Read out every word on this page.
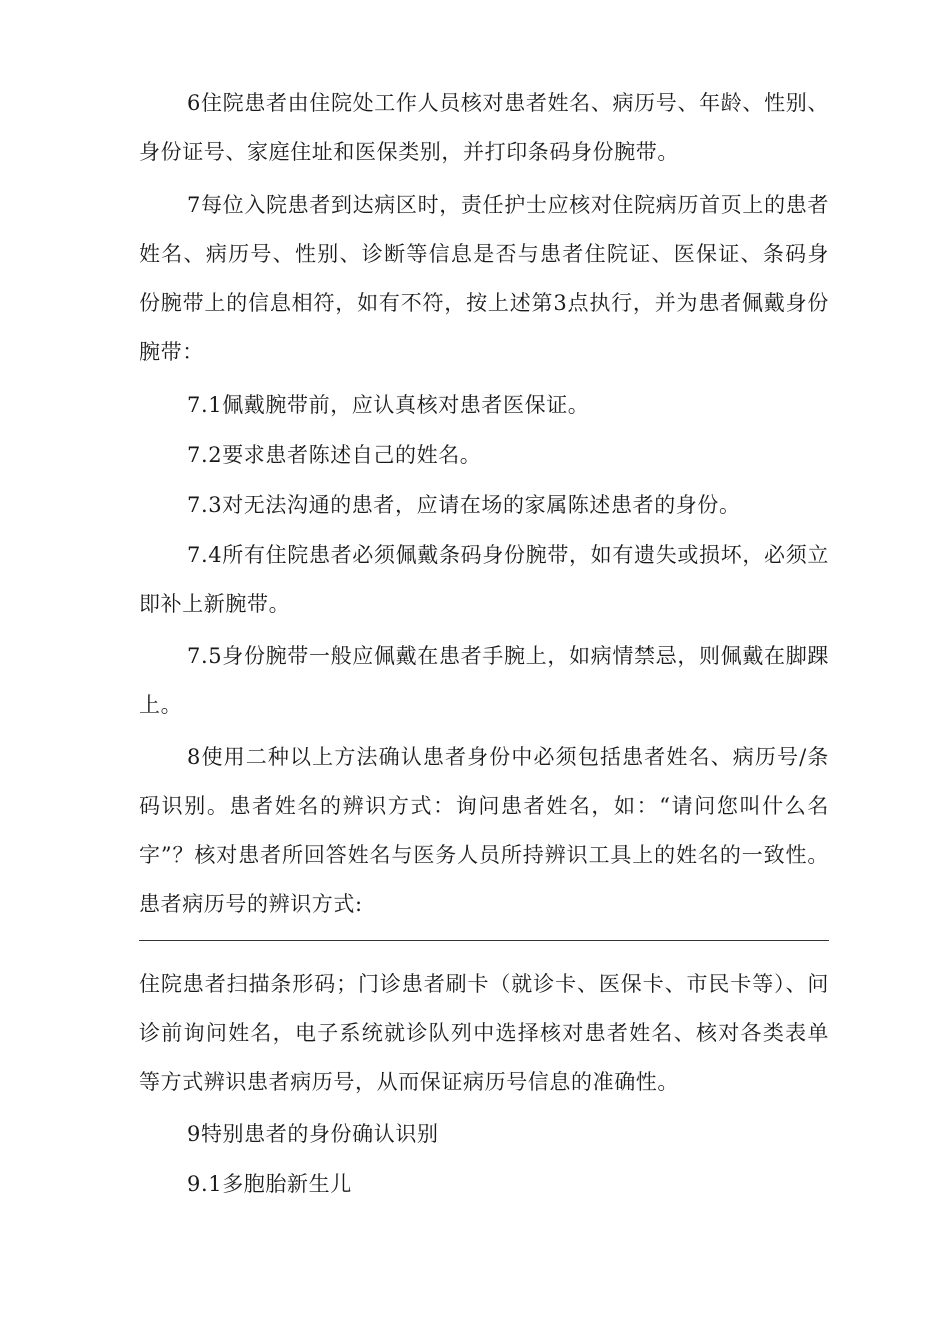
6住院患者由住院处工作人员核对患者姓名、病历号、年龄、性别、身份证号、家庭住址和医保类别，并打印条码身份腕带。

7每位入院患者到达病区时，责任护士应核对住院病历首页上的患者姓名、病历号、性别、诊断等信息是否与患者住院证、医保证、条码身份腕带上的信息相符，如有不符，按上述第3点执行，并为患者佩戴身份腕带：

7.1佩戴腕带前，应认真核对患者医保证。

7.2要求患者陈述自己的姓名。

7.3对无法沟通的患者，应请在场的家属陈述患者的身份。

7.4所有住院患者必须佩戴条码身份腕带，如有遗失或损坏，必须立即补上新腕带。

7.5身份腕带一般应佩戴在患者手腕上，如病情禁忌，则佩戴在脚踝上。

8使用二种以上方法确认患者身份中必须包括患者姓名、病历号/条码识别。患者姓名的辨识方式：询问患者姓名，如：“请问您叫什么名字”？核对患者所回答姓名与医务人员所持辨识工具上的姓名的一致性。患者病历号的辨识方式:

住院患者扫描条形码；门诊患者刷卡（就诊卡、医保卡、市民卡等）、问诊前询问姓名，电子系统就诊队列中选择核对患者姓名、核对各类表单等方式辨识患者病历号，从而保证病历号信息的准确性。

9特别患者的身份确认识别

9.1多胞胎新生儿
